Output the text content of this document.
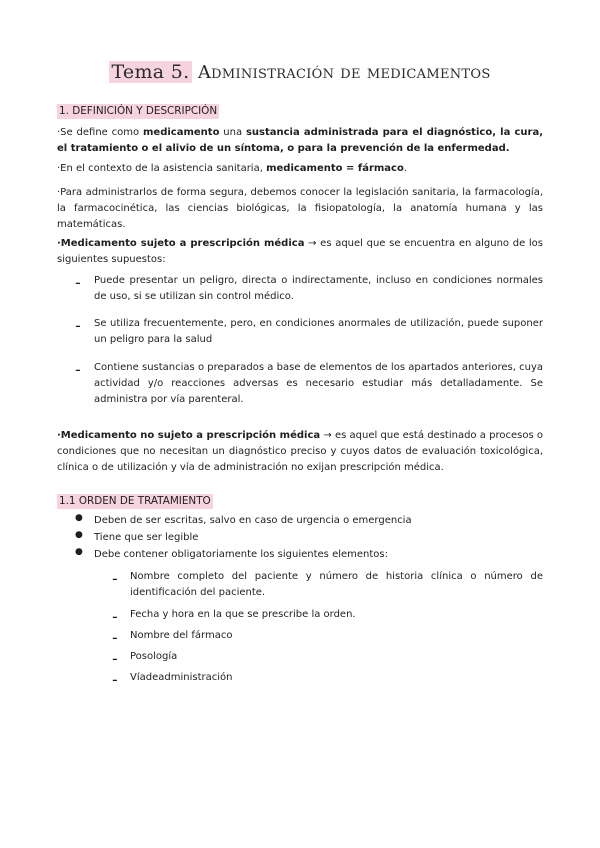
Tema 5. Administración de medicamentos
1. DEFINICIÓN Y DESCRIPCIÓN

·Se define como medicamento una sustancia administrada para el diagnóstico, la cura, el tratamiento o el alivio de un síntoma, o para la prevención de la enfermedad.

·En el contexto de la asistencia sanitaria, medicamento = fármaco.

·Para administrarlos de forma segura, debemos conocer la legislación sanitaria, la farmacología, la farmacocinética, las ciencias biológicas, la fisiopatología, la anatomía humana y las matemáticas.

·Medicamento sujeto a prescripción médica → es aquel que se encuentra en alguno de los siguientes supuestos:

- Puede presentar un peligro, directa o indirectamente, incluso en condiciones normales de uso, si se utilizan sin control médico.
- Se utiliza frecuentemente, pero, en condiciones anormales de utilización, puede suponer un peligro para la salud
- Contiene sustancias o preparados a base de elementos de los apartados anteriores, cuya actividad y/o reacciones adversas es necesario estudiar más detalladamente. Se administra por vía parenteral.

·Medicamento no sujeto a prescripción médica → es aquel que está destinado a procesos o condiciones que no necesitan un diagnóstico preciso y cuyos datos de evaluación toxicológica, clínica o de utilización y vía de administración no exijan prescripción médica.

1.1 ORDEN DE TRATAMIENTO
● Deben de ser escritas, salvo en caso de urgencia o emergencia
● Tiene que ser legible
● Debe contener obligatoriamente los siguientes elementos:
- Nombre completo del paciente y número de historia clínica o número de identificación del paciente.
- Fecha y hora en la que se prescribe la orden.
- Nombre del fármaco
- Posología
- Víadeadministración
